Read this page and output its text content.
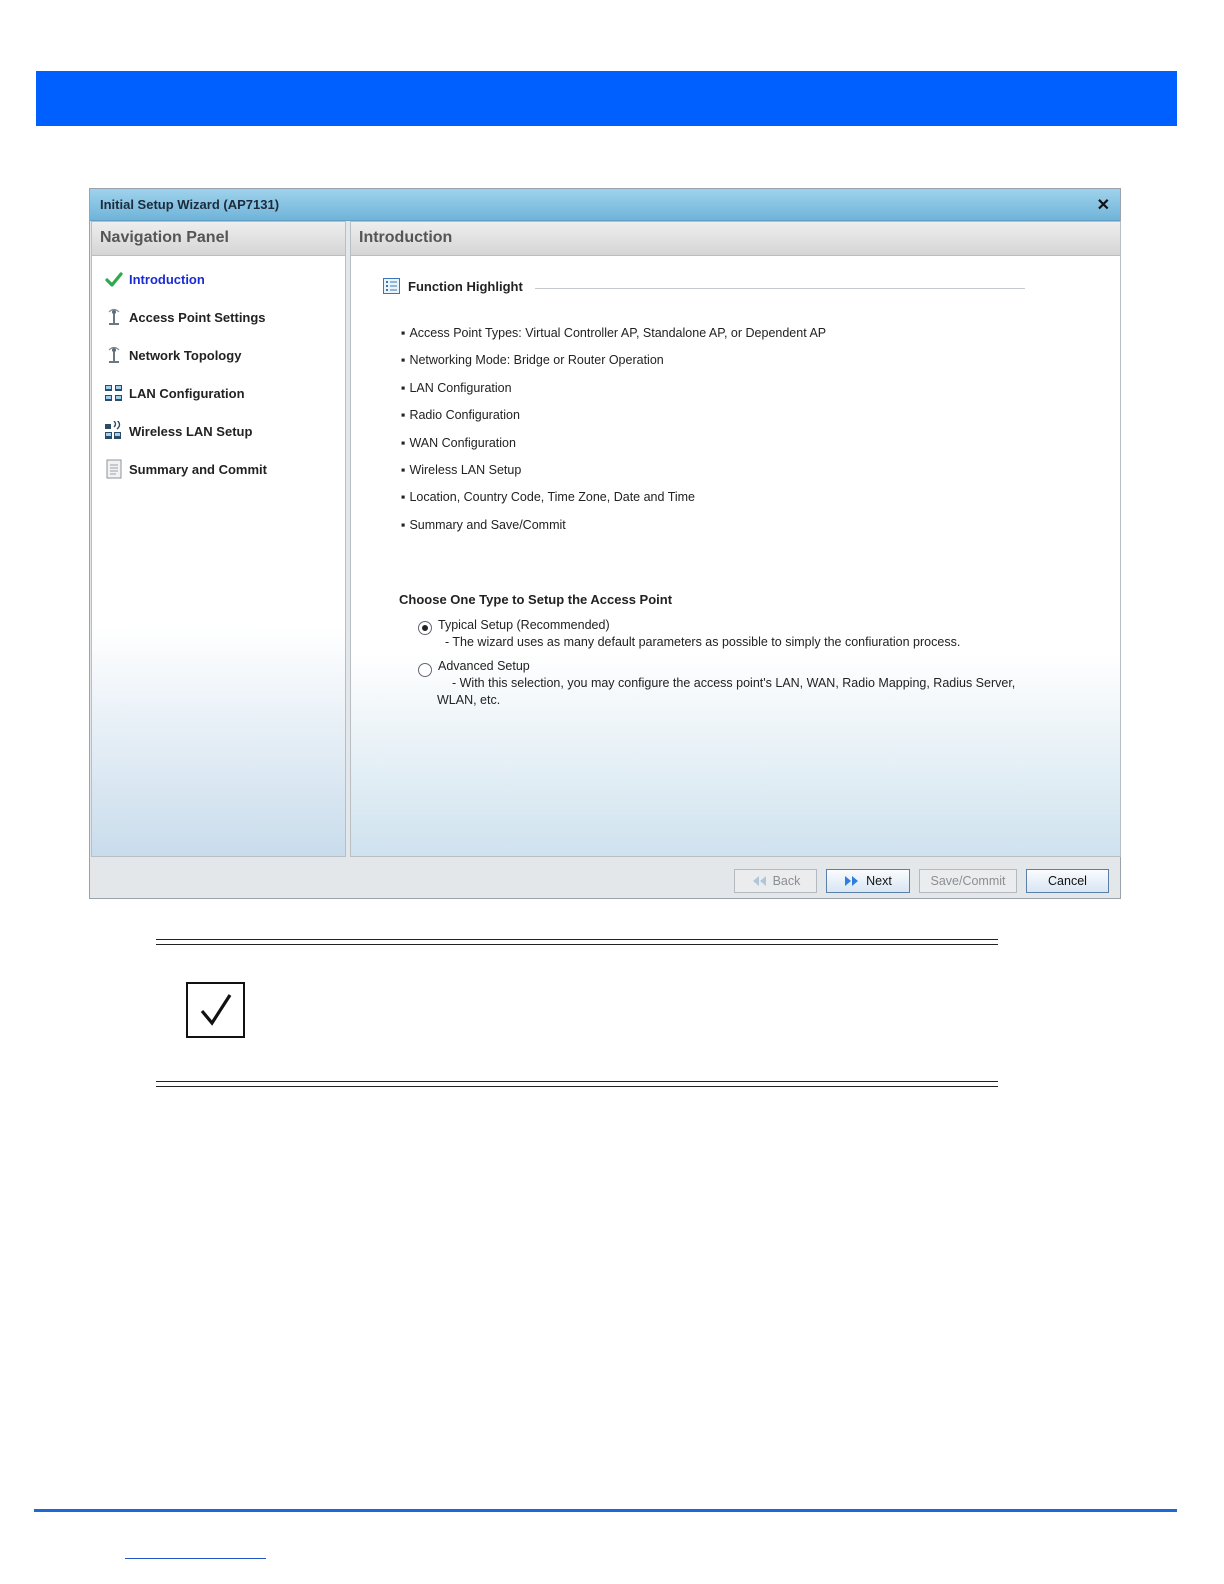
Initial Setup Wizard (AP7131)	✕
Navigation Panel
Introduction
Access Point Settings
Network Topology
LAN Configuration
Wireless LAN Setup
Summary and Commit
Introduction
Function Highlight
▪ Access Point Types: Virtual Controller AP, Standalone AP, or Dependent AP
▪ Networking Mode: Bridge or Router Operation
▪ LAN Configuration
▪ Radio Configuration
▪ WAN Configuration
▪ Wireless LAN Setup
▪ Location, Country Code, Time Zone, Date and Time
▪ Summary and Save/Commit
Choose One Type to Setup the Access Point
Typical Setup (Recommended)
- The wizard uses as many default parameters as possible to simply the confiuration process.
Advanced Setup
- With this selection, you may configure the access point's LAN, WAN, Radio Mapping, Radius Server,
WLAN, etc.
Back	Next	Save/Commit	Cancel
